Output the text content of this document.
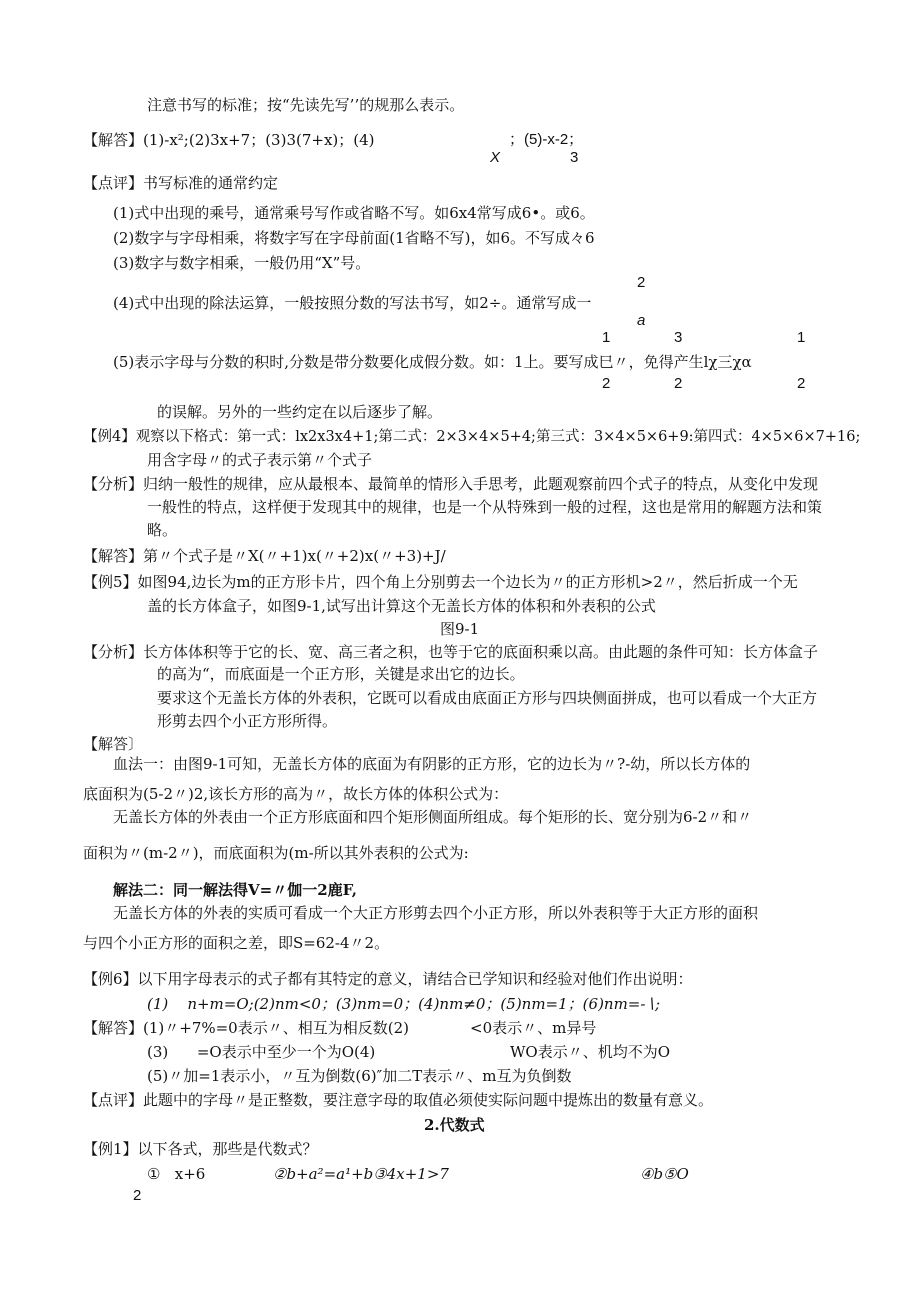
注意书写的标准；按“先读先写’’的规那么表示。
【解答】(1)-x²;(2)3x+7；(3)3(7+x)；(4)	；(5)-x-2；
X	3
【点评】书写标准的通常约定
(1)式中出现的乘号，通常乘号写作或省略不写。如6x4常写成6•。或6。
(2)数字与字母相乘，将数字写在字母前面(1省略不写)，如6。不写成々6
(3)数字与数字相乘，一般仍用“X”号。
2
(4)式中出现的除法运算，一般按照分数的写法书写，如2÷。通常写成一
a
1	3	1
(5)表示字母与分数的积时,分数是带分数要化成假分数。如：1上。要写成巳〃，免得产生lχ三χα
2	2	2
的误解。另外的一些约定在以后逐步了解。
【例4】观察以下格式：第一式：lx2x3x4+1;第二式：2×3×4×5+4;第三式：3×4×5×6+9:第四式：4×5×6×7+16;
用含字母〃的式子表示第〃个式子
【分析】归纳一般性的规律，应从最根本、最简单的情形入手思考，此题观察前四个式子的特点，从变化中发现
一般性的特点，这样便于发现其中的规律，也是一个从特殊到一般的过程，这也是常用的解题方法和策
略。
【解答】第〃个式子是〃X(〃+1)x(〃+2)x(〃+3)+J/
【例5】如图94,边长为m的正方形卡片，四个角上分别剪去一个边长为〃的正方形机>2〃，然后折成一个无
盖的长方体盒子，如图9-1,试写出计算这个无盖长方体的体积和外表积的公式
图9-1
【分析】长方体体积等于它的长、宽、高三者之积，也等于它的底面积乘以高。由此题的条件可知：长方体盒子
的高为“，而底面是一个正方形，关键是求出它的边长。
要求这个无盖长方体的外表积，它既可以看成由底面正方形与四块侧面拼成，也可以看成一个大正方
形剪去四个小正方形所得。
【解答〕
血法一：由图9-1可知，无盖长方体的底面为有阴影的正方形，它的边长为〃?-幼，所以长方体的
底面积为(5-2〃)2,该长方形的高为〃，故长方体的体积公式为：
无盖长方体的外表由一个正方形底面和四个矩形侧面所组成。每个矩形的长、宽分别为6-2〃和〃
面积为〃(m-2〃)，而底面积为(m-所以其外表积的公式为:
解法二：同一解法得V=〃伽一2鹿F,
无盖长方体的外表的实质可看成一个大正方形剪去四个小正方形，所以外表积等于大正方形的面积
与四个小正方形的面积之差，即S=62-4〃2。
【例6】以下用字母表示的式子都有其特定的意义，请结合已学知识和经验对他们作出说明：
(1)    n+m=O;(2)nm<0；(3)nm=0；(4)nm≠0；(5)nm=1；(6)nm=-∖;
【解答】(1)〃+7%=0表示〃、相互为相反数(2)	<0表示〃、m异号
(3)      =O表示中至少一个为O(4)	WO表示〃、机均不为O
(5)〃加=1表示小，〃互为倒数(6)″加二T表示〃、m互为负倒数
【点评】此题中的字母〃是正整数，要注意字母的取值必须使实际问题中提炼出的数量有意义。
2.代数式
【例1】以下各式，那些是代数式？
①   x+6	②b+a²=a¹+b③4x+1>7	④b⑤O
2
